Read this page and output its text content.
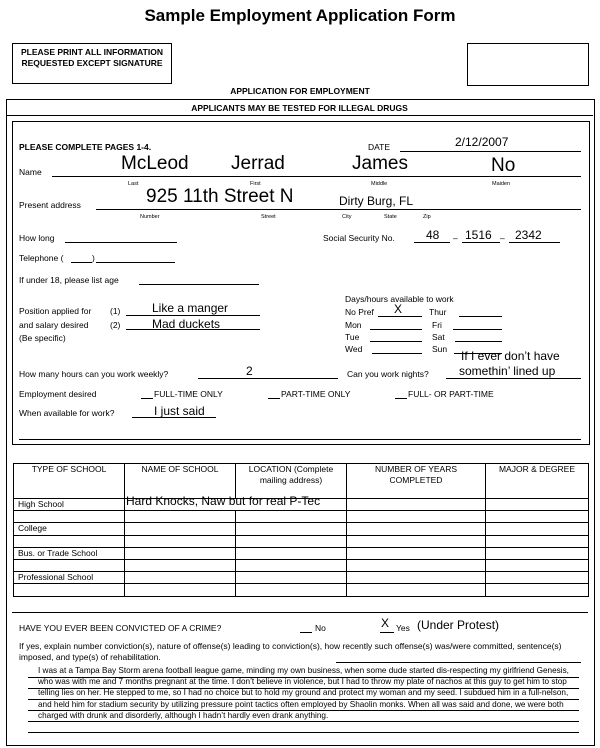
Sample Employment Application Form
PLEASE PRINT ALL INFORMATION REQUESTED EXCEPT SIGNATURE
APPLICATION FOR EMPLOYMENT
APPLICANTS MAY BE TESTED FOR ILLEGAL DRUGS
PLEASE COMPLETE PAGES 1-4.	DATE	2/12/2007
Name	McLeod Jerrad	James	No
Last	First	Middle	Maiden
Present address	925 11th Street N	Dirty Burg, FL
Number	Street	City	State	Zip
How long	Social Security No.	48 – 1516 – 2342
Telephone (	)
If under 18, please list age
Position applied for (1)	Like a manger
and salary desired	(2)	Mad duckets
(Be specific)
Days/hours available to work
No Pref X	Thur
Mon	Fri
Tue	Sat
Wed	Sun
How many hours can you work weekly?	2	Can you work nights?
If I ever don’t have
somethin’ lined up
Employment desired	FULL-TIME ONLY	PART-TIME ONLY	FULL- OR PART-TIME
When available for work?	I just said
TYPE OF SCHOOL	NAME OF SCHOOL	LOCATION (Complete mailing address)	NUMBER OF YEARS COMPLETED	MAJOR & DEGREE
High School	Hard Knocks, Naw but for real P-Tec			

College				

Bus. or Trade School				

Professional School				

HAVE YOU EVER BEEN CONVICTED OF A CRIME?	No	X Yes (Under Protest)
If yes, explain number conviction(s), nature of offense(s) leading to conviction(s), how recently such offense(s) was/were committed, sentence(s) imposed, and type(s) of rehabilitation.
I was at a Tampa Bay Storm arena football league game, minding my own business, when some dude started dis-respecting my girlfriend Genesis, who was with me and 7 months pregnant at the time. I don’t believe in violence, but I had to throw my plate of nachos at this guy to get him to stop telling lies on her. He stepped to me, so I had no choice but to hold my ground and protect my woman and my seed. I subdued him in a full-nelson, and held him for stadium security by utilizing pressure point tactics often employed by Shaolin monks. When all was said and done, we were both charged with drunk and disorderly, although I hadn’t hardly even drank anything.
